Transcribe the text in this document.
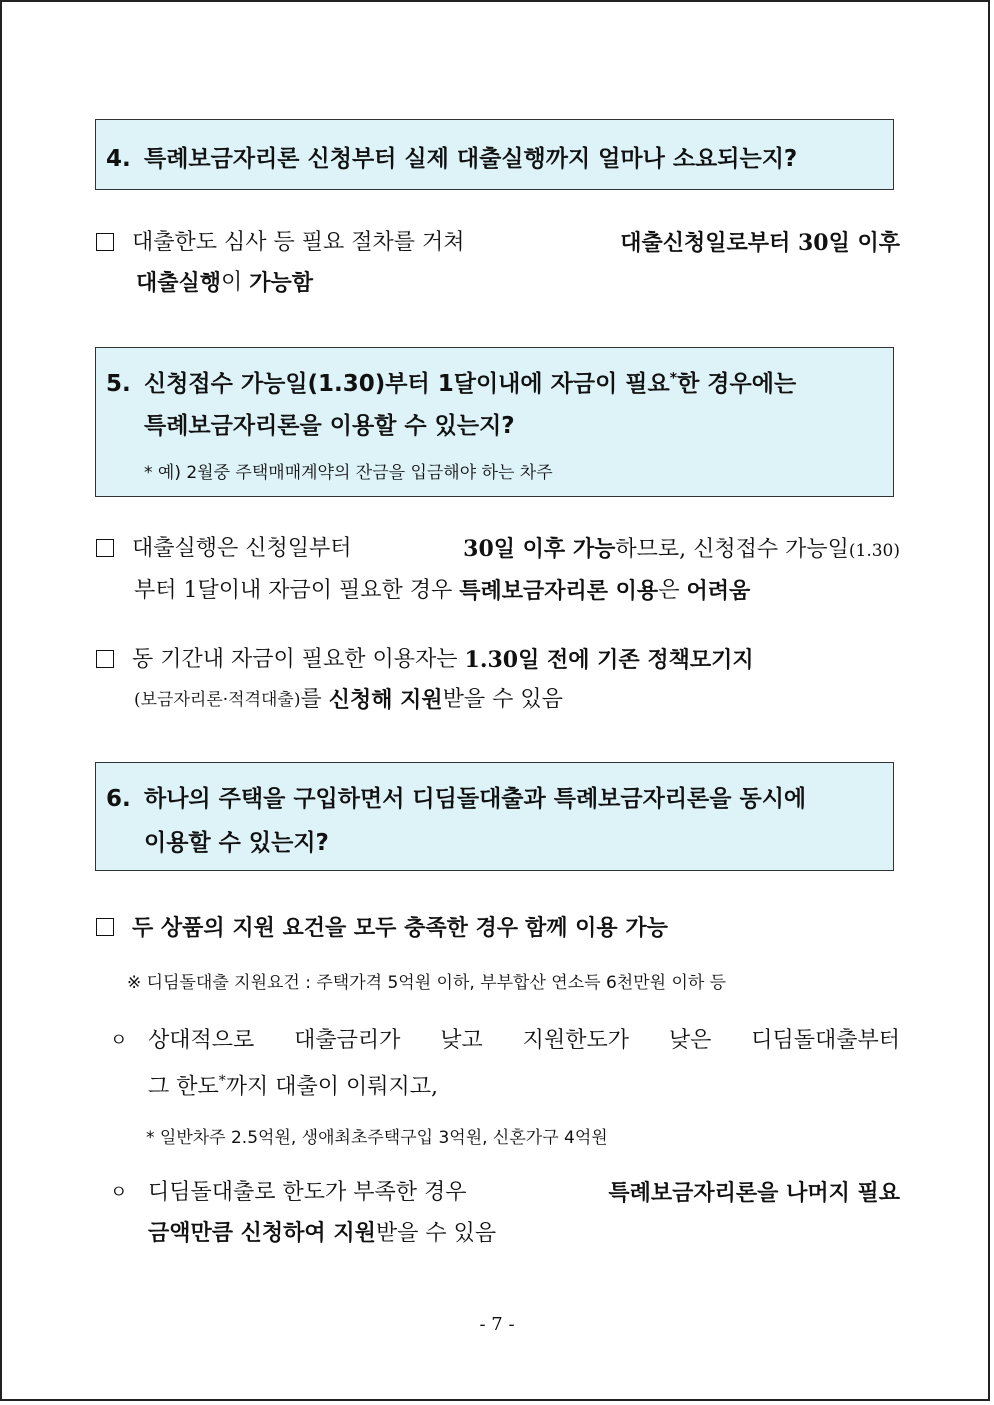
4. 특례보금자리론 신청부터 실제 대출실행까지 얼마나 소요되는지?
대출한도 심사 등 필요 절차를 거쳐	대출신청일로부터 30일 이후
대출실행 이
가능함
5. 신청접수 가능일(1.30)부터 1달이내에 자금이 필요*한 경우에는
특례보금자리론을 이용할 수 있는지?
* 예) 2월중 주택매매계약의 잔금을 입금해야 하는 차주
대출실행은 신청일부터	30일 이후 가능하므로, 신청접수 가능일(1.30)
부터 1달이내 자금이 필요한 경우
특례보금자리론 이용 은
어려움
동 기간내 자금이 필요한 이용자는
1.30일 전에 기존 정책모기지
(보금자리론·적격대출) 를
신청해 지원 받을 수 있음
6. 하나의 주택을 구입하면서 디딤돌대출과 특례보금자리론을 동시에
이용할 수 있는지?
두 상품의 지원 요건을 모두 충족한 경우
함께 이용 가능
※ 디딤돌대출 지원요건 : 주택가격 5억원 이하, 부부합산 연소득 6천만원 이하 등
ㅇ 상대적으로 대출금리가 낮고 지원한도가 낮은 디딤돌대출부터
그 한도*까지 대출이 이뤄지고,
* 일반차주 2.5억원, 생애최초주택구입 3억원, 신혼가구 4억원
ㅇ 디딤돌대출로 한도가 부족한 경우	특례보금자리론을 나머지 필요
금액만큼 신청하여 지원받을 수 있음
- 7 -
